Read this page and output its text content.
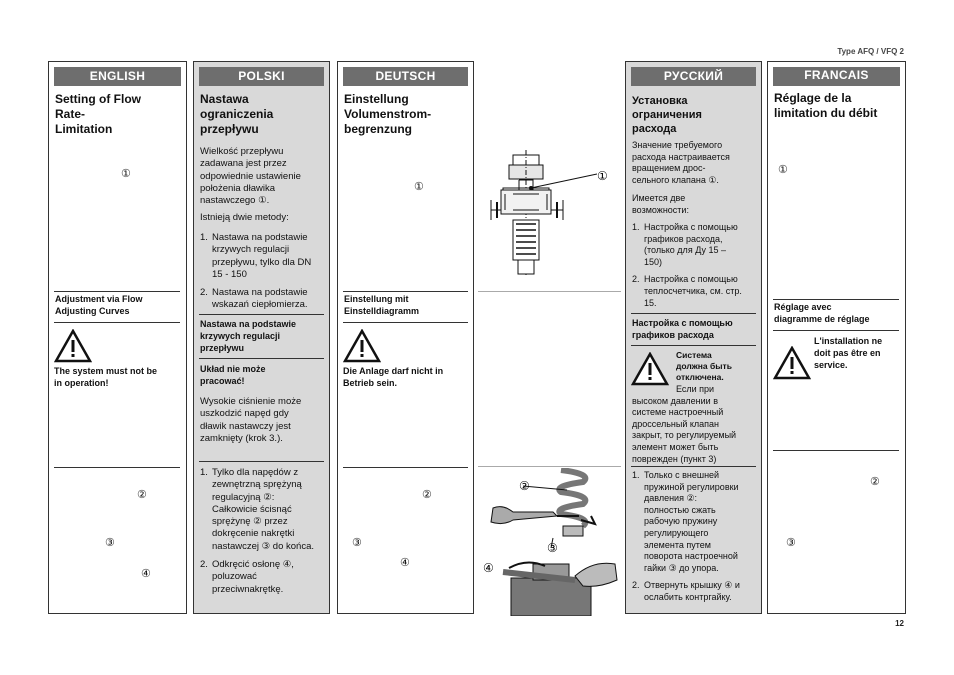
Type AFQ / VFQ 2
12
ENGLISH
Setting of Flow
Rate-
Limitation
①
Adjustment via Flow
Adjusting Curves
The system must not be
in operation!
②
③
④
POLSKI
Nastawa
ograniczenia
przepływu
Wielkość przepływu
zadawana jest przez
odpowiednie ustawienie
położenia dławika
nastawczego ①.
Istnieją dwie metody:
1. Nastawa na podstawie
krzywych regulacji
przepływu, tylko dla DN
15 - 150
2. Nastawa na podstawie
wskazań ciepłomierza.
Nastawa na podstawie
krzywych regulacji
przepływu
Układ nie może
pracować!
Wysokie ciśnienie może
uszkodzić napęd gdy
dławik nastawczy jest
zamknięty (krok 3.).
1. Tylko dla napędów z
zewnętrzną sprężyną
regulacyjną ②:
Całkowicie ścisnąć
sprężynę ② przez
dokręcenie nakrętki
nastawczej ③ do końca.
2. Odkręcić osłonę ④,
poluzować
przeciwnakrętkę.
DEUTSCH
Einstellung
Volumenstrom-
begrenzung
①
Einstellung mit
Einstelldiagramm
Die Anlage darf nicht in
Betrieb sein.
②
③
④
①
②
③
④
РУССКИЙ
Установка
ограничения
расхода
Значение требуемого
расхода настраивается
вращением дрос-
сельного клапана ①.
Имеется две
возможности:
1. Настройка с помощью
графиков расхода,
(только для Ду 15 –
150)
2. Настройка с помощью
теплосчетчика, см. стр.
15.
Настройка с помощью
графиков расхода
Система
должна быть
отключена.
Если при
высоком давлении в
системе настроечный
дроссельный клапан
закрыт, то регулируемый
элемент может быть
поврежден (пункт 3)
1. Только с внешней
пружиной регулировки
давления ②:
полностью сжать
рабочую пружину
регулирующего
элемента путем
поворота настроечной
гайки ③ до упора.
2. Отвернуть крышку ④ и
ослабить контргайку.
FRANCAIS
Réglage de la
limitation du débit
①
Réglage avec
diagramme de réglage
L'installation ne
doit pas être en
service.
②
③
